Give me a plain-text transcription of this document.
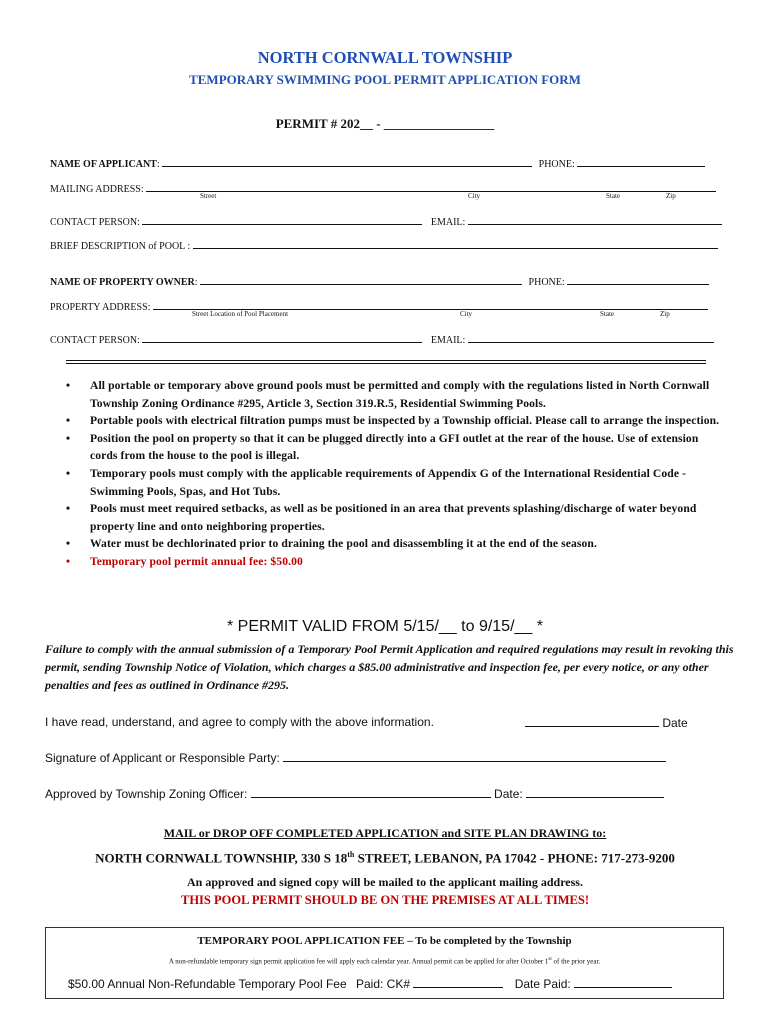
NORTH CORNWALL TOWNSHIP
TEMPORARY SWIMMING POOL PERMIT APPLICATION FORM
PERMIT # 202__ - _________________
NAME OF APPLICANT:	PHONE:
MAILING ADDRESS:
Street	City	State	Zip
CONTACT PERSON:	EMAIL:
BRIEF DESCRIPTION of POOL :
NAME OF PROPERTY OWNER:	PHONE:
PROPERTY ADDRESS:
Street Location of Pool Placement	City	State	Zip
CONTACT PERSON:	EMAIL:
• All portable or temporary above ground pools must be permitted and comply with the regulations listed in North Cornwall Township Zoning Ordinance #295, Article 3, Section 319.R.5, Residential Swimming Pools.
• Portable pools with electrical filtration pumps must be inspected by a Township official. Please call to arrange the inspection.
• Position the pool on property so that it can be plugged directly into a GFI outlet at the rear of the house. Use of extension cords from the house to the pool is illegal.
• Temporary pools must comply with the applicable requirements of Appendix G of the International Residential Code - Swimming Pools, Spas, and Hot Tubs.
• Pools must meet required setbacks, as well as be positioned in an area that prevents splashing/discharge of water beyond property line and onto neighboring properties.
• Water must be dechlorinated prior to draining the pool and disassembling it at the end of the season.
• Temporary pool permit annual fee: $50.00
* PERMIT VALID FROM 5/15/__ to 9/15/__ *
Failure to comply with the annual submission of a Temporary Pool Permit Application and required regulations may result in revoking this permit, sending Township Notice of Violation, which charges a $85.00 administrative and inspection fee, per every notice, or any other penalties and fees as outlined in Ordinance #295.
I have read, understand, and agree to comply with the above information.	Date
Signature of Applicant or Responsible Party:
Approved by Township Zoning Officer:	Date:
MAIL or DROP OFF COMPLETED APPLICATION and SITE PLAN DRAWING to:
NORTH CORNWALL TOWNSHIP, 330 S 18th STREET, LEBANON, PA 17042 - PHONE: 717-273-9200
An approved and signed copy will be mailed to the applicant mailing address.
THIS POOL PERMIT SHOULD BE ON THE PREMISES AT ALL TIMES!
TEMPORARY POOL APPLICATION FEE – To be completed by the Township
A non-refundable temporary sign permit application fee will apply each calendar year. Annual permit can be applied for after October 1st of the prior year.
$50.00 Annual Non-Refundable Temporary Pool Fee Paid: CK#	Date Paid:
